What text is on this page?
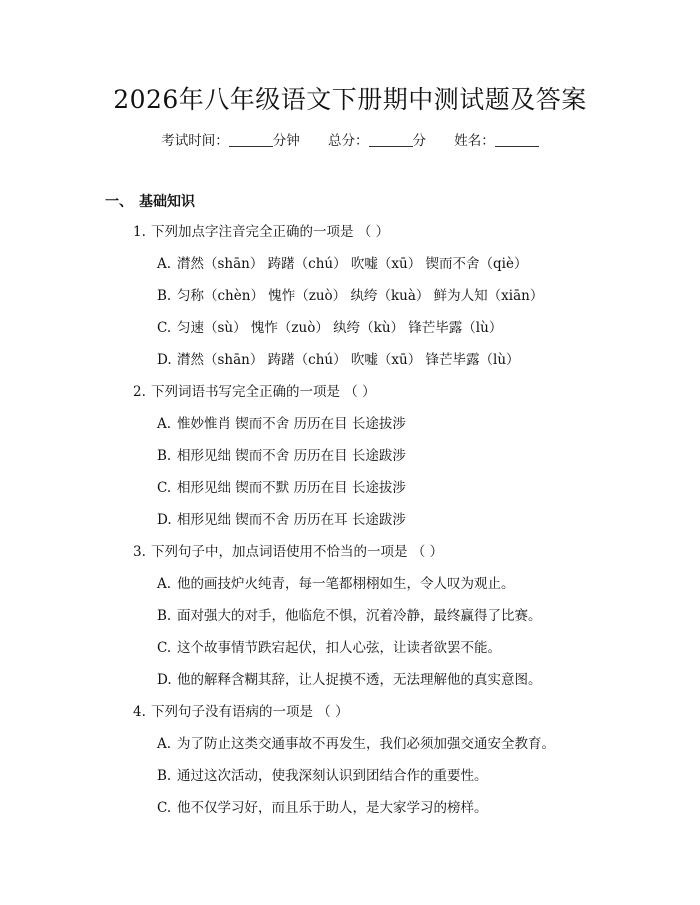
2026年八年级语文下册期中测试题及答案
考试时间：	分钟 总分：	分 姓名：
一、 基础知识
1. 下列加点字注音完全正确的一项是 （ ）
A. 潸然（shān） 踌躇（chú） 吹嘘（xū） 锲而不舍（qiè）
B. 匀称（chèn） 愧怍（zuò） 纨绔（kuà） 鲜为人知（xiān）
C. 匀速（sù） 愧怍（zuò） 纨绔（kù） 锋芒毕露（lù）
D. 潸然（shān） 踌躇（chú） 吹嘘（xū） 锋芒毕露（lù）
2. 下列词语书写完全正确的一项是 （ ）
A. 惟妙惟肖 锲而不舍 历历在目 长途拔涉
B. 相形见绌 锲而不舍 历历在目 长途跋涉
C. 相形见绌 锲而不默 历历在目 长途拔涉
D. 相形见绌 锲而不舍 历历在耳 长途跋涉
3. 下列句子中，加点词语使用不恰当的一项是 （ ）
A. 他的画技炉火纯青，每一笔都栩栩如生，令人叹为观止。
B. 面对强大的对手，他临危不惧，沉着冷静，最终赢得了比赛。
C. 这个故事情节跌宕起伏，扣人心弦，让读者欲罢不能。
D. 他的解释含糊其辞，让人捉摸不透，无法理解他的真实意图。
4. 下列句子没有语病的一项是 （ ）
A. 为了防止这类交通事故不再发生，我们必须加强交通安全教育。
B. 通过这次活动，使我深刻认识到团结合作的重要性。
C. 他不仅学习好，而且乐于助人，是大家学习的榜样。
